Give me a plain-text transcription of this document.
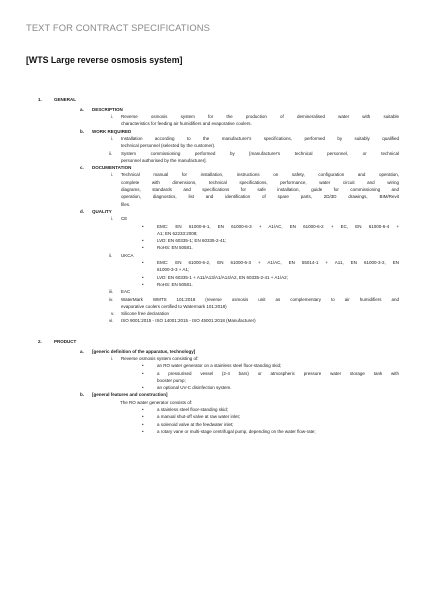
TEXT FOR CONTRACT SPECIFICATIONS
[WTS Large reverse osmosis system]
1.	GENERAL
a. DESCRIPTION
i. Reverse osmosis system for the production of demineralised water with suitable
characteristics for feeding air humidifiers and evaporative coolers.
b. WORK REQUIRED
i. Installation according to the manufacturer's specifications, performed by suitably qualified
technical personnel (selected by the customer).
ii. System commissioning performed by [manufacturer's technical personnel, or technical
personnel authorised by the manufacturer].
c. DOCUMENTATION
i. Technical manual for installation, instructions on safety, configuration and operation,
complete with dimensions, technical specifications, performance, water circuit and wiring
diagrams, standards and specifications for safe installation, guide for commissioning and
operation, diagnostics, list and identification of spare parts, 2D/3D drawings, BIM/Revit
files.
d. QUALITY
i. CE
•	EMC: EN 61000-6-1, EN 61000-6-3 + A1/AC, EN 61000-6-2 + EC, EN 61000-6-4 +
A1; EN 62233:2008;
•	LVD: EN 60335-1; EN 60335-2-41;
•	RoHS: EN 50581.
ii. UKCA
•	EMC: EN 61000-6-2, EN 61000-6-3 + A1/AC, EN 55014-1 + A11, EN 61000-3-2, EN
61000-3-3 + A1;
•	LVD: EN 60335-1 + A11/A13/A1/A14/A2, EN 60335-2-41 + A1/A2;
•	RoHS: EN 50581.
iii. EAC
iv. WaterMark WMTS 101:2018 (reverse osmosis unit as complementary to air humidifiers and
evaporative coolers certified to Watermark 101:2018)
v. Silicone free declaration
vi. ISO 9001:2015 - ISO 14001:2015 - ISO 45001:2018 (Manufacturer)
2.	PRODUCT
a. [generic definition of the apparatus, technology]
i. Reverse osmosis system consisting of:
•	an RO water generator on a stainless steel floor-standing skid;
•	a pressurised vessel (2-4 bars) or atmospheric pressure water storage tank with
booster pump;
•	an optional UV-C disinfection system.
b. [general features and construction]
The RO water generator consists of:
•	a stainless steel floor-standing skid;
•	a manual shut-off valve at raw water inlet;
•	a solenoid valve at the feedwater inlet;
•	a rotary vane or multi-stage centrifugal pump, depending on the water flow-rate;
